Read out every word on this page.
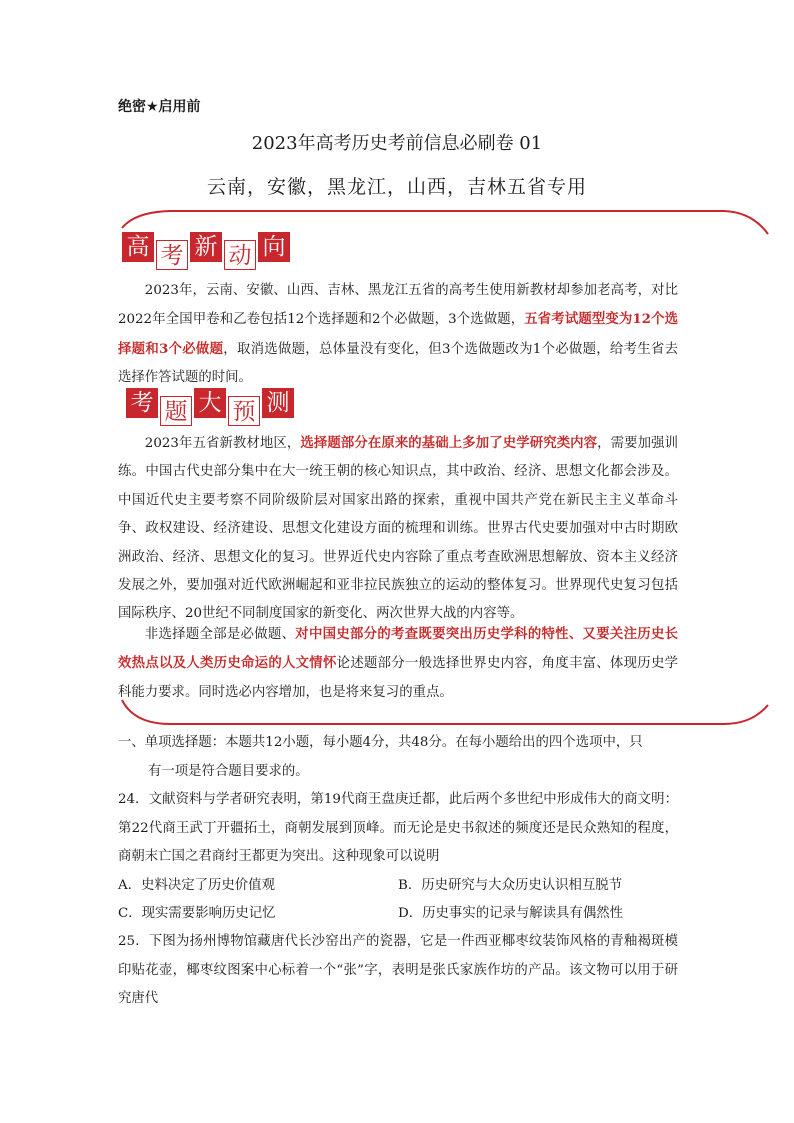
绝密★启用前
2023年高考历史考前信息必刷卷 01
云南，安徽，黑龙江，山西，吉林五省专用
高 考 新 动 向
2023年，云南、安徽、山西、吉林、黑龙江五省的高考生使用新教材却参加老高考，对比2022年全国甲卷和乙卷包括12个选择题和2个必做题，3个选做题，五省考试题型变为12个选择题和3个必做题，取消选做题，总体量没有变化，但3个选做题改为1个必做题，给考生省去选择作答试题的时间。
考 题 大 预 测
2023年五省新教材地区，选择题部分在原来的基础上多加了史学研究类内容，需要加强训练。中国古代史部分集中在大一统王朝的核心知识点，其中政治、经济、思想文化都会涉及。中国近代史主要考察不同阶级阶层对国家出路的探索，重视中国共产党在新民主主义革命斗争、政权建设、经济建设、思想文化建设方面的梳理和训练。世界古代史要加强对中古时期欧洲政治、经济、思想文化的复习。世界近代史内容除了重点考查欧洲思想解放、资本主义经济发展之外，要加强对近代欧洲崛起和亚非拉民族独立的运动的整体复习。世界现代史复习包括国际秩序、20世纪不同制度国家的新变化、两次世界大战的内容等。
非选择题全部是必做题、对中国史部分的考查既要突出历史学科的特性、又要关注历史长效热点以及人类历史命运的人文情怀论述题部分一般选择世界史内容，角度丰富、体现历史学科能力要求。同时选必内容增加，也是将来复习的重点。
一、单项选择题：本题共12小题，每小题4分，共48分。在每小题给出的四个选项中，只
有一项是符合题目要求的。
24．文献资料与学者研究表明，第19代商王盘庚迁都，此后两个多世纪中形成伟大的商文明：第22代商王武丁开疆拓土，商朝发展到顶峰。而无论是史书叙述的频度还是民众熟知的程度，商朝末亡国之君商纣王都更为突出。这种现象可以说明
A．史料决定了历史价值观	B．历史研究与大众历史认识相互脱节
C．现实需要影响历史记忆	D．历史事实的记录与解读具有偶然性
25．下图为扬州博物馆藏唐代长沙窑出产的瓷器，它是一件西亚椰枣纹装饰风格的青釉褐斑模印贴花壶，椰枣纹图案中心标着一个“张”字，表明是张氏家族作坊的产品。该文物可以用于研究唐代
